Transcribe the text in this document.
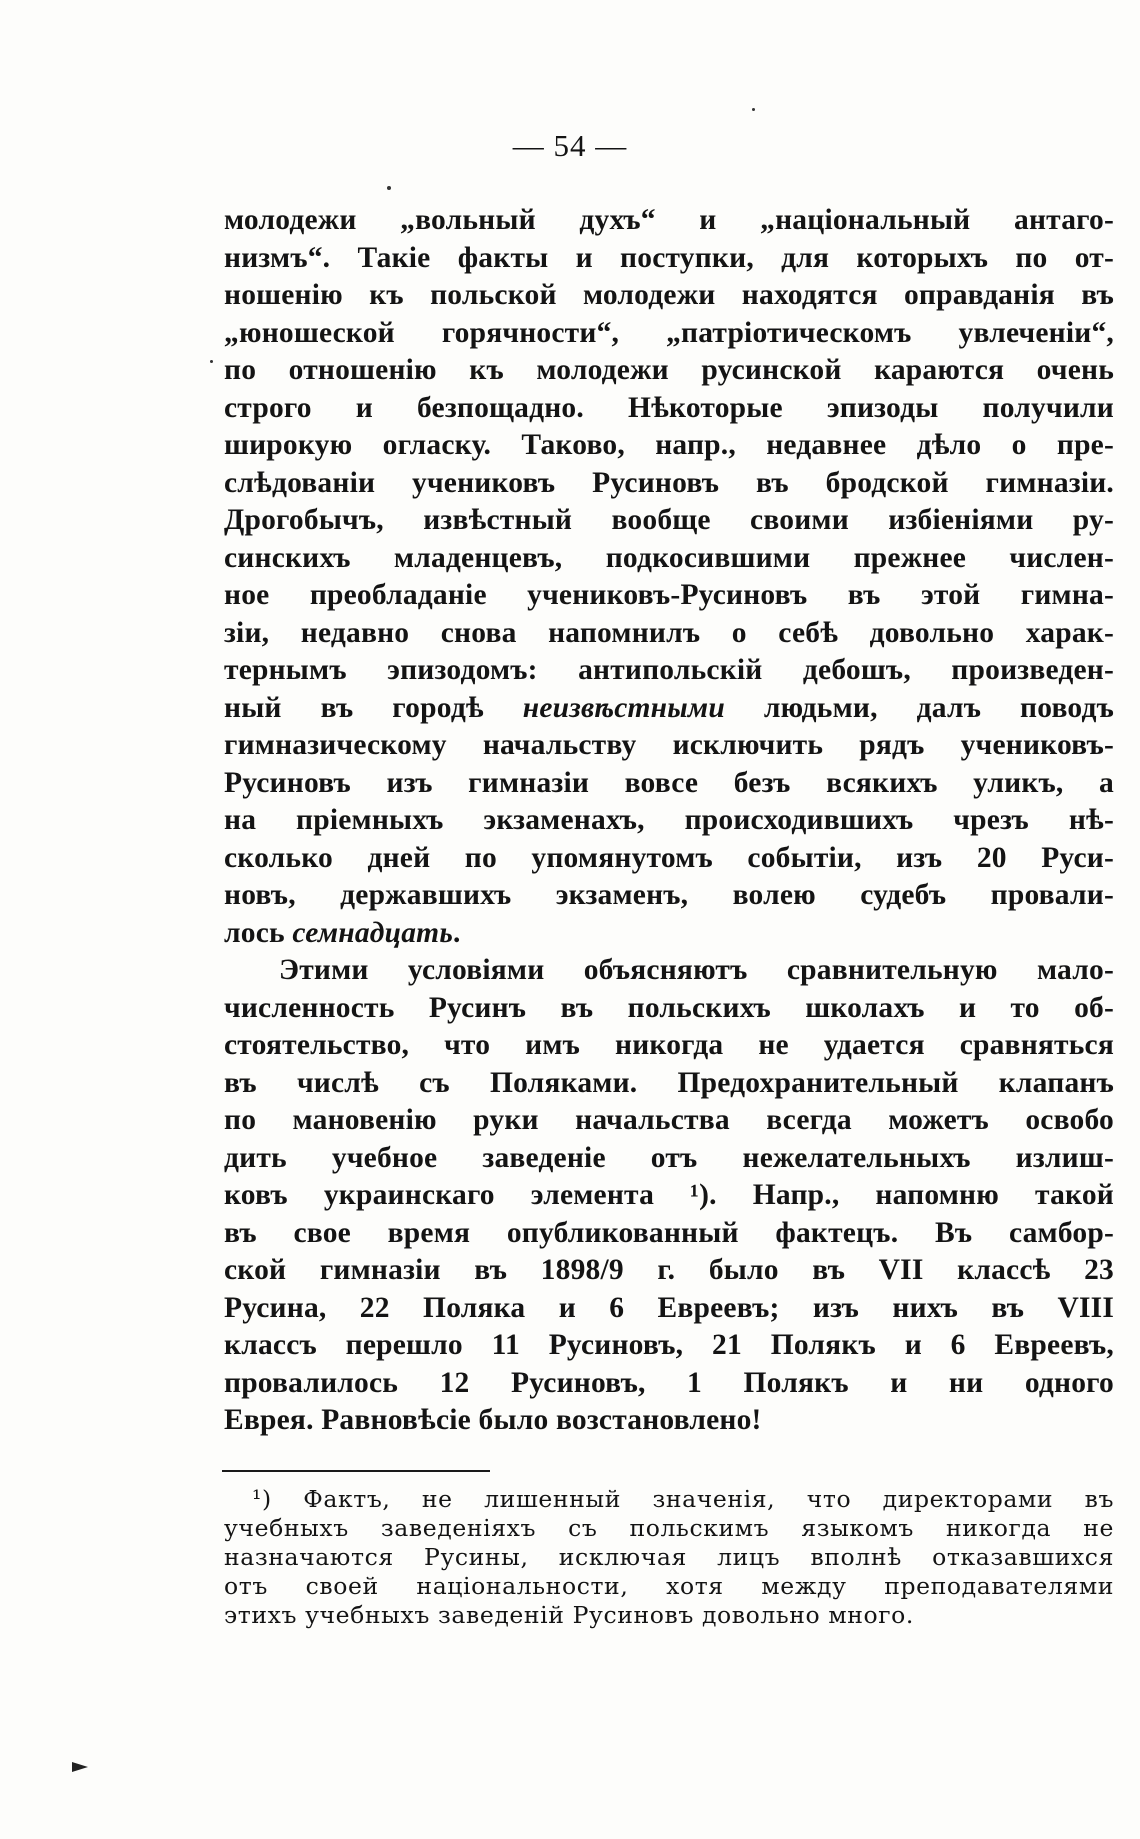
— 54 —
молодежи „вольный духъ“ и „національный антаго-
низмъ“. Такіе факты и поступки, для которыхъ по от-
ношенію къ польской молодежи находятся оправданія въ
„юношеской горячности“, „патріотическомъ увлеченіи“,
по отношенію къ молодежи русинской караются очень
строго и безпощадно. Нѣкоторые эпизоды получили
широкую огласку. Таково, напр., недавнее дѣло о пре-
слѣдованіи учениковъ Русиновъ въ бродской гимназіи.
Дрогобычъ, извѣстный вообще своими избіеніями ру-
синскихъ младенцевъ, подкосившими прежнее числен-
ное преобладаніе учениковъ-Русиновъ въ этой гимна-
зіи, недавно снова напомнилъ о себѣ довольно харак-
тернымъ эпизодомъ: антипольскій дебошъ, произведен-
ный въ городѣ неизвѣстными людьми, далъ поводъ
гимназическому начальству исключить рядъ учениковъ-
Русиновъ изъ гимназіи вовсе безъ всякихъ уликъ, а
на пріемныхъ экзаменахъ, происходившихъ чрезъ нѣ-
сколько дней по упомянутомъ событіи, изъ 20 Руси-
новъ, державшихъ экзаменъ, волею судебъ провали-
лось семнадцать.
Этими условіями объясняютъ сравнительную мало-
численность Русинъ въ польскихъ школахъ и то об-
стоятельство, что имъ никогда не удается сравняться
въ числѣ съ Поляками. Предохранительный клапанъ
по мановенію руки начальства всегда можетъ освобо
дить учебное заведеніе отъ нежелательныхъ излиш-
ковъ украинскаго элемента ¹). Напр., напомню такой
въ свое время опубликованный фактецъ. Въ самбор-
ской гимназіи въ 1898/9 г. было въ VII классѣ 23
Русина, 22 Поляка и 6 Евреевъ; изъ нихъ въ VIII
классъ перешло 11 Русиновъ, 21 Полякъ и 6 Евреевъ,
провалилось 12 Русиновъ, 1 Полякъ и ни одного
Еврея. Равновѣсіе было возстановлено!
¹) Фактъ, не лишенный значенія, что директорами въ
учебныхъ заведеніяхъ съ польскимъ языкомъ никогда не
назначаются Русины, исключая лицъ вполнѣ отказавшихся
отъ своей національности, хотя между преподавателями
этихъ учебныхъ заведеній Русиновъ довольно много.
